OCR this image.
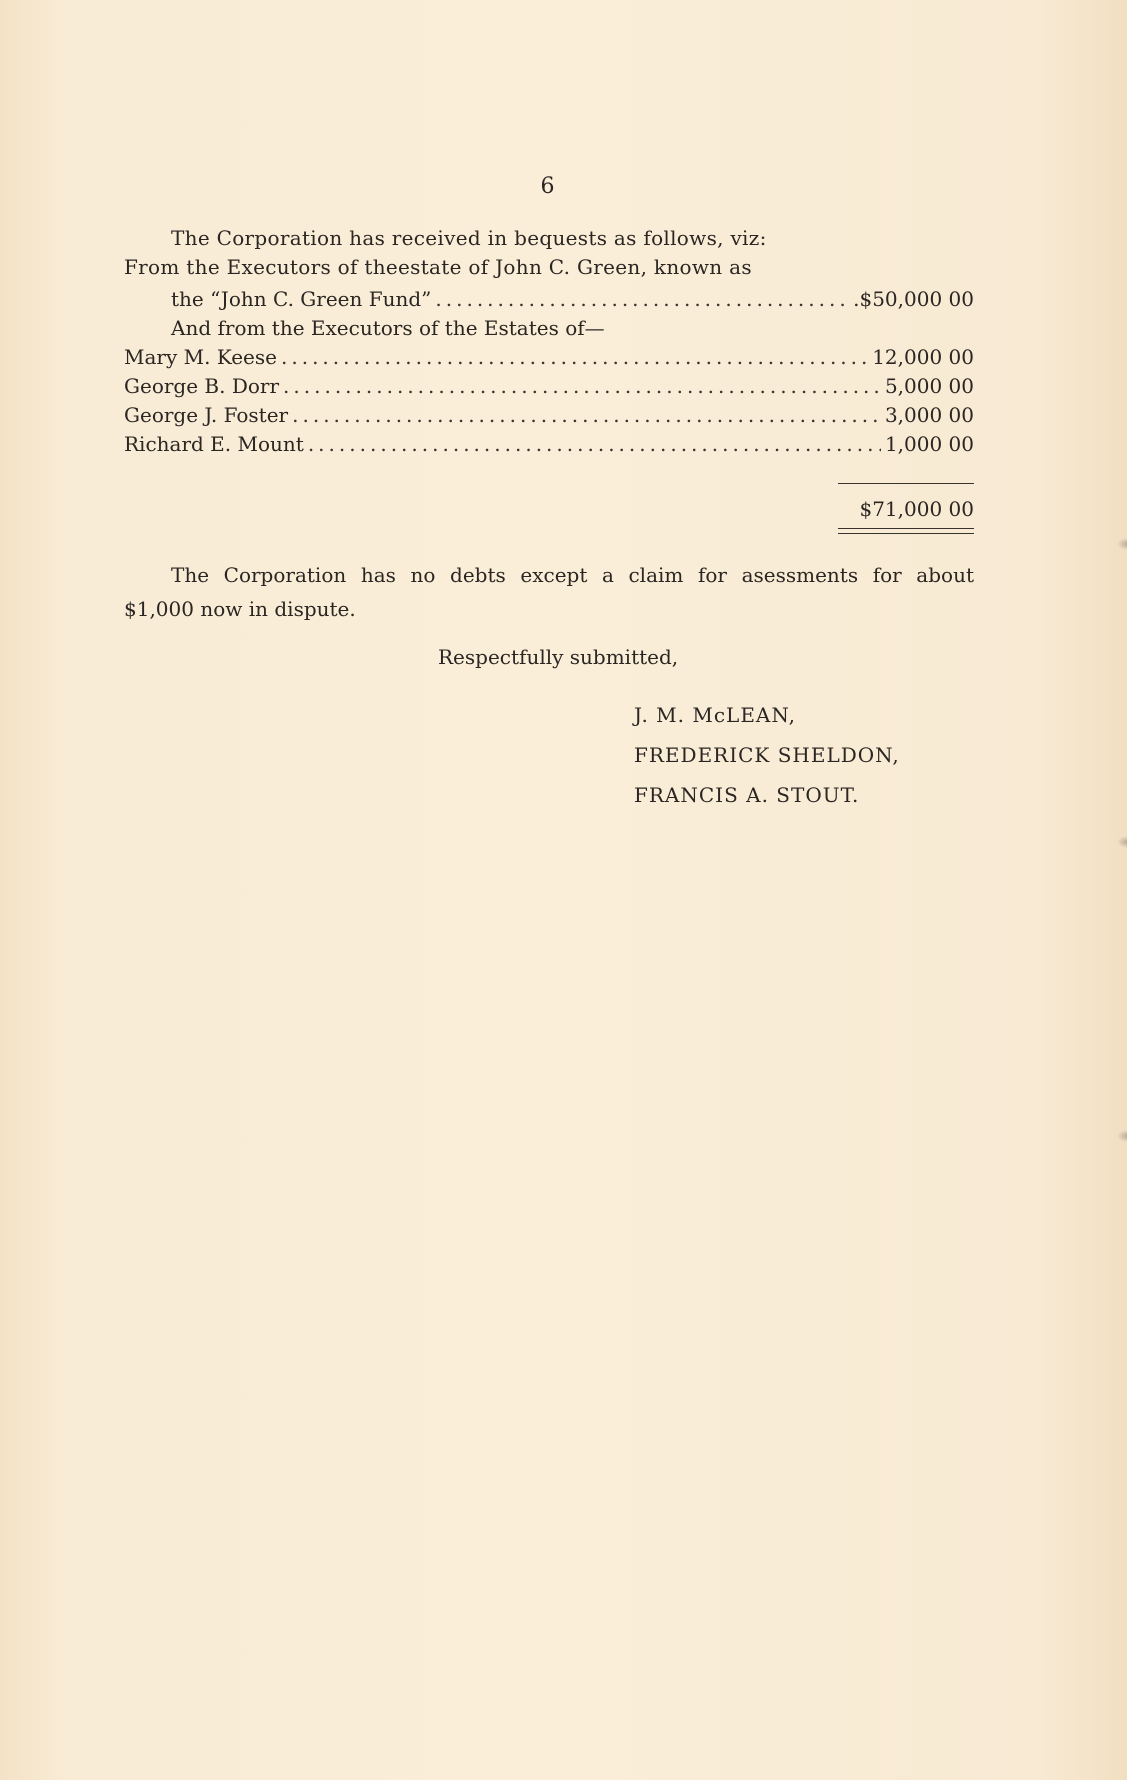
6
The Corporation has received in bequests as follows, viz:
From the Executors of theestate of John C. Green, known as
the “John C. Green Fund” .....	.$50,000 00
And from the Executors of the Estates of—
Mary M. Keese .....	12,000 00
George B. Dorr .....	5,000 00
George J. Foster .....	3,000 00
Richard E. Mount .....	1,000 00
$71,000 00
The Corporation has no debts except a claim for asessments for about
$1,000 now in dispute.
Respectfully submitted,
J. M. McLEAN,
FREDERICK SHELDON,
FRANCIS A. STOUT.
